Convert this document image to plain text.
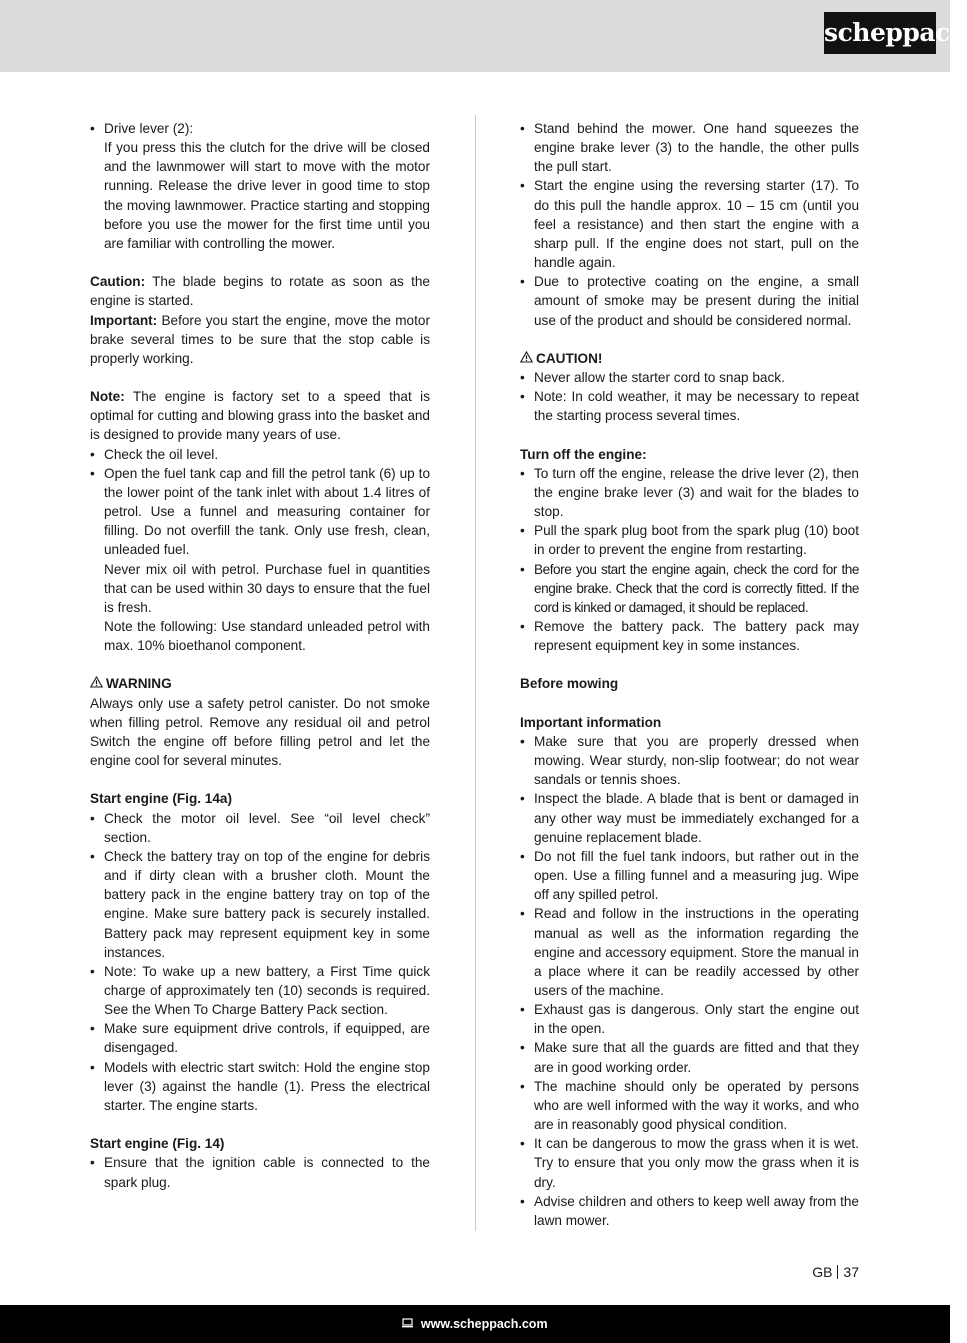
scheppach
• Drive lever (2):
If you press this the clutch for the drive will be closed and the lawnmower will start to move with the motor running. Release the drive lever in good time to stop the moving lawnmower. Practice starting and stopping before you use the mower for the first time until you are familiar with controlling the mower.

Caution: The blade begins to rotate as soon as the engine is started.

Important: Before you start the engine, move the motor brake several times to be sure that the stop cable is properly working.

Note: The engine is factory set to a speed that is optimal for cutting and blowing grass into the basket and is designed to provide many years of use.

• Check the oil level.
• Open the fuel tank cap and fill the petrol tank (6) up to the lower point of the tank inlet with about 1.4 litres of petrol. Use a funnel and measuring container for filling. Do not overfill the tank. Only use fresh, clean, unleaded fuel.
Never mix oil with petrol. Purchase fuel in quantities that can be used within 30 days to ensure that the fuel is fresh.
Note the following: Use standard unleaded petrol with max. 10% bioethanol component.
WARNING

Always only use a safety petrol canister. Do not smoke when filling petrol. Remove any residual oil and petrol Switch the engine off before filling petrol and let the engine cool for several minutes.

Start engine (Fig. 14a)
• Check the motor oil level. See “oil level check” section.
• Check the battery tray on top of the engine for debris and if dirty clean with a brusher cloth. Mount the battery pack in the engine battery tray on top of the engine. Make sure battery pack is securely installed. Battery pack may represent equipment key in some instances.
• Note: To wake up a new battery, a First Time quick charge of approximately ten (10) seconds is required. See the When To Charge Battery Pack section.
• Make sure equipment drive controls, if equipped, are disengaged.
• Models with electric start switch: Hold the engine stop lever (3) against the handle (1). Press the electrical starter. The engine starts.
Start engine (Fig. 14)
• Ensure that the ignition cable is connected to the spark plug.
• Stand behind the mower. One hand squeezes the engine brake lever (3) to the handle, the other pulls the pull start.
• Start the engine using the reversing starter (17). To do this pull the handle approx. 10 – 15 cm (until you feel a resistance) and then start the engine with a sharp pull. If the engine does not start, pull on the handle again.
• Due to protective coating on the engine, a small amount of smoke may be present during the initial use of the product and should be considered normal.
CAUTION!
• Never allow the starter cord to snap back.
• Note: In cold weather, it may be necessary to repeat the starting process several times.
Turn off the engine:
• To turn off the engine, release the drive lever (2), then the engine brake lever (3) and wait for the blades to stop.
• Pull the spark plug boot from the spark plug (10) boot in order to prevent the engine from restarting.
• Before you start the engine again, check the cord for the engine brake. Check that the cord is correctly fitted. If the cord is kinked or damaged, it should be replaced.
• Remove the battery pack. The battery pack may represent equipment key in some instances.
Before mowing
Important information
• Make sure that you are properly dressed when mowing. Wear sturdy, non-slip footwear; do not wear sandals or tennis shoes.
• Inspect the blade. A blade that is bent or damaged in any other way must be immediately exchanged for a genuine replacement blade.
• Do not fill the fuel tank indoors, but rather out in the open. Use a filling funnel and a measuring jug. Wipe off any spilled petrol.
• Read and follow in the instructions in the operating manual as well as the information regarding the engine and accessory equipment. Store the manual in a place where it can be readily accessed by other users of the machine.
• Exhaust gas is dangerous. Only start the engine out in the open.
• Make sure that all the guards are fitted and that they are in good working order.
• The machine should only be operated by persons who are well informed with the way it works, and who are in reasonably good physical condition.
• It can be dangerous to mow the grass when it is wet. Try to ensure that you only mow the grass when it is dry.
• Advise children and others to keep well away from the lawn mower.
GB 37
www.scheppach.com
